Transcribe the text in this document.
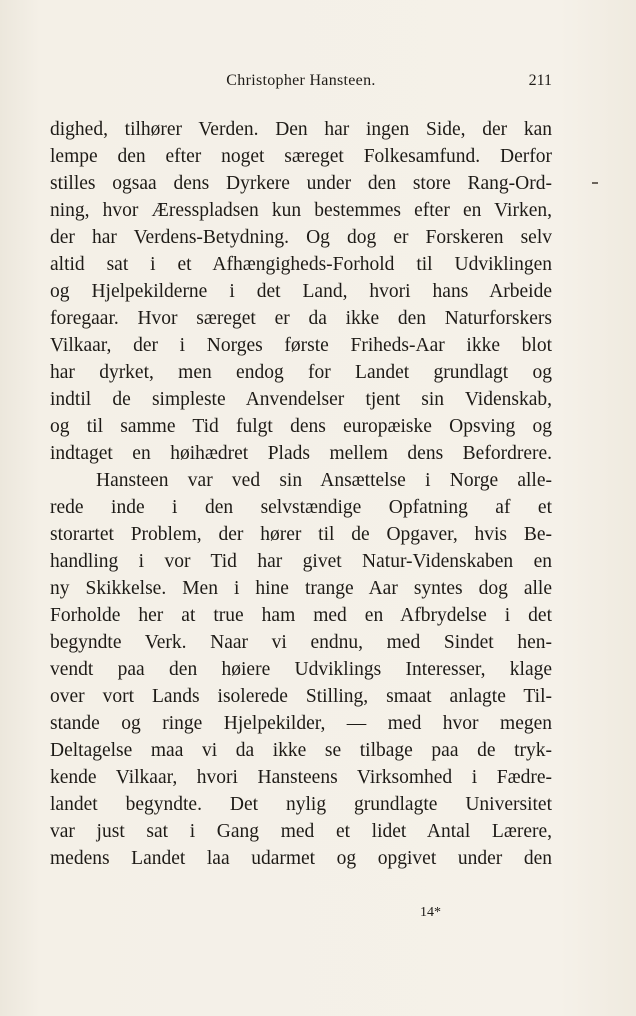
Christopher Hansteen.	211
dighed, tilhører Verden. Den har ingen Side, der kan
lempe den efter noget særeget Folkesamfund. Derfor
stilles ogsaa dens Dyrkere under den store Rang-Ord-
ning, hvor Æresspladsen kun bestemmes efter en Virken,
der har Verdens-Betydning. Og dog er Forskeren selv
altid sat i et Afhængigheds-Forhold til Udviklingen
og Hjelpekilderne i det Land, hvori hans Arbeide
foregaar. Hvor særeget er da ikke den Naturforskers
Vilkaar, der i Norges første Friheds-Aar ikke blot
har dyrket, men endog for Landet grundlagt og
indtil de simpleste Anvendelser tjent sin Videnskab,
og til samme Tid fulgt dens europæiske Opsving og
indtaget en høihædret Plads mellem dens Befordrere.
Hansteen var ved sin Ansættelse i Norge alle-
rede inde i den selvstændige Opfatning af et
storartet Problem, der hører til de Opgaver, hvis Be-
handling i vor Tid har givet Natur-Videnskaben en
ny Skikkelse. Men i hine trange Aar syntes dog alle
Forholde her at true ham med en Afbrydelse i det
begyndte Verk. Naar vi endnu, med Sindet hen-
vendt paa den høiere Udviklings Interesser, klage
over vort Lands isolerede Stilling, smaat anlagte Til-
stande og ringe Hjelpekilder, — med hvor megen
Deltagelse maa vi da ikke se tilbage paa de tryk-
kende Vilkaar, hvori Hansteens Virksomhed i Fædre-
landet begyndte. Det nylig grundlagte Universitet
var just sat i Gang med et lidet Antal Lærere,
medens Landet laa udarmet og opgivet under den
14*
